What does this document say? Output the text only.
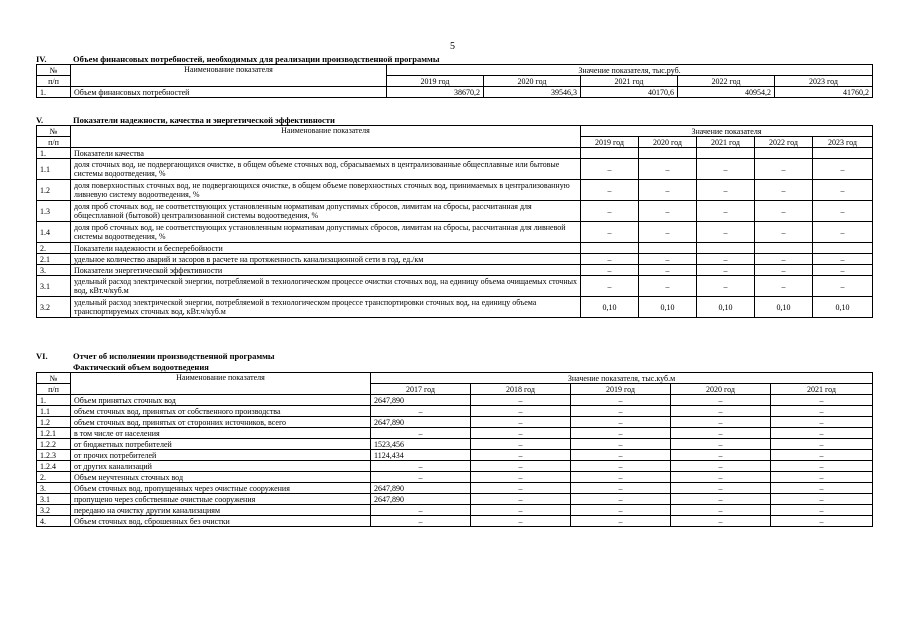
5
IV.	Объем финансовых потребностей, необходимых для реализации производственной программы
№	Наименование показателя	Значение показателя, тыс.руб.				
п/п		2019 год	2020 год	2021 год	2022 год	2023 год
1.	Объем финансовых потребностей	38670,2	39546,3	40170,6	40954,2	41760,2
V.	Показатели надежности, качества и энергетической эффективности
№	Наименование показателя	Значение показателя				
п/п		2019 год	2020 год	2021 год	2022 год	2023 год
1.	Показатели качества					
1.1	доля сточных вод, не подвергающихся очистке, в общем объеме сточных вод, сбрасываемых в централизованные общесплавные или бытовые системы водоотведения, %	–	–	–	–	–
1.2	доля поверхностных сточных вод, не подвергающихся очистке, в общем объеме поверхностных сточных вод, принимаемых в централизованную ливневую систему водоотведения, %	–	–	–	–	–
1.3	доля проб сточных вод, не соответствующих установленным нормативам допустимых сбросов, лимитам на сбросы, рассчитанная для общесплавной (бытовой) централизованной системы водоотведения, %	–	–	–	–	–
1.4	доля проб сточных вод, не соответствующих установленным нормативам допустимых сбросов, лимитам на сбросы, рассчитанная для ливневой системы водоотведения, %	–	–	–	–	–
2.	Показатели надежности и бесперебойности					
2.1	удельное количество аварий и засоров в расчете на протяженность канализационной сети в год, ед./км	–	–	–	–	–
3.	Показатели энергетической эффективности	–	–	–	–	–
3.1	удельный расход электрической энергии, потребляемой в технологическом процессе очистки сточных вод, на единицу объема очищаемых сточных вод, кВт.ч/куб.м	–	–	–	–	–
3.2	удельный расход электрической энергии, потребляемой в технологическом процессе транспортировки сточных вод, на единицу объема транспортируемых сточных вод, кВт.ч/куб.м	0,10	0,10	0,10	0,10	0,10
VI.	Отчет об исполнении производственной программы
Фактический объем водоотведения
№	Наименование показателя	Значение показателя, тыс.куб.м				
п/п		2017 год	2018 год	2019 год	2020 год	2021 год
1.	Объем принятых сточных вод	2647,890	–	–	–	–
1.1	объем сточных вод, принятых от собственного производства	–	–	–	–	–
1.2	объем сточных вод, принятых от сторонних источников, всего	2647,890	–	–	–	–
1.2.1	в том числе от населения	–	–	–	–	–
1.2.2	от бюджетных потребителей	1523,456	–	–	–	–
1.2.3	от прочих потребителей	1124,434	–	–	–	–
1.2.4	от других канализаций	–	–	–	–	–
2.	Объем неучтенных сточных вод	–	–	–	–	–
3.	Объем сточных вод, пропущенных через очистные сооружения	2647,890	–	–	–	–
3.1	пропущено через собственные очистные сооружения	2647,890	–	–	–	–
3.2	передано на очистку другим канализациям	–	–	–	–	–
4.	Объем сточных вод, сброшенных без очистки	–	–	–	–	–
